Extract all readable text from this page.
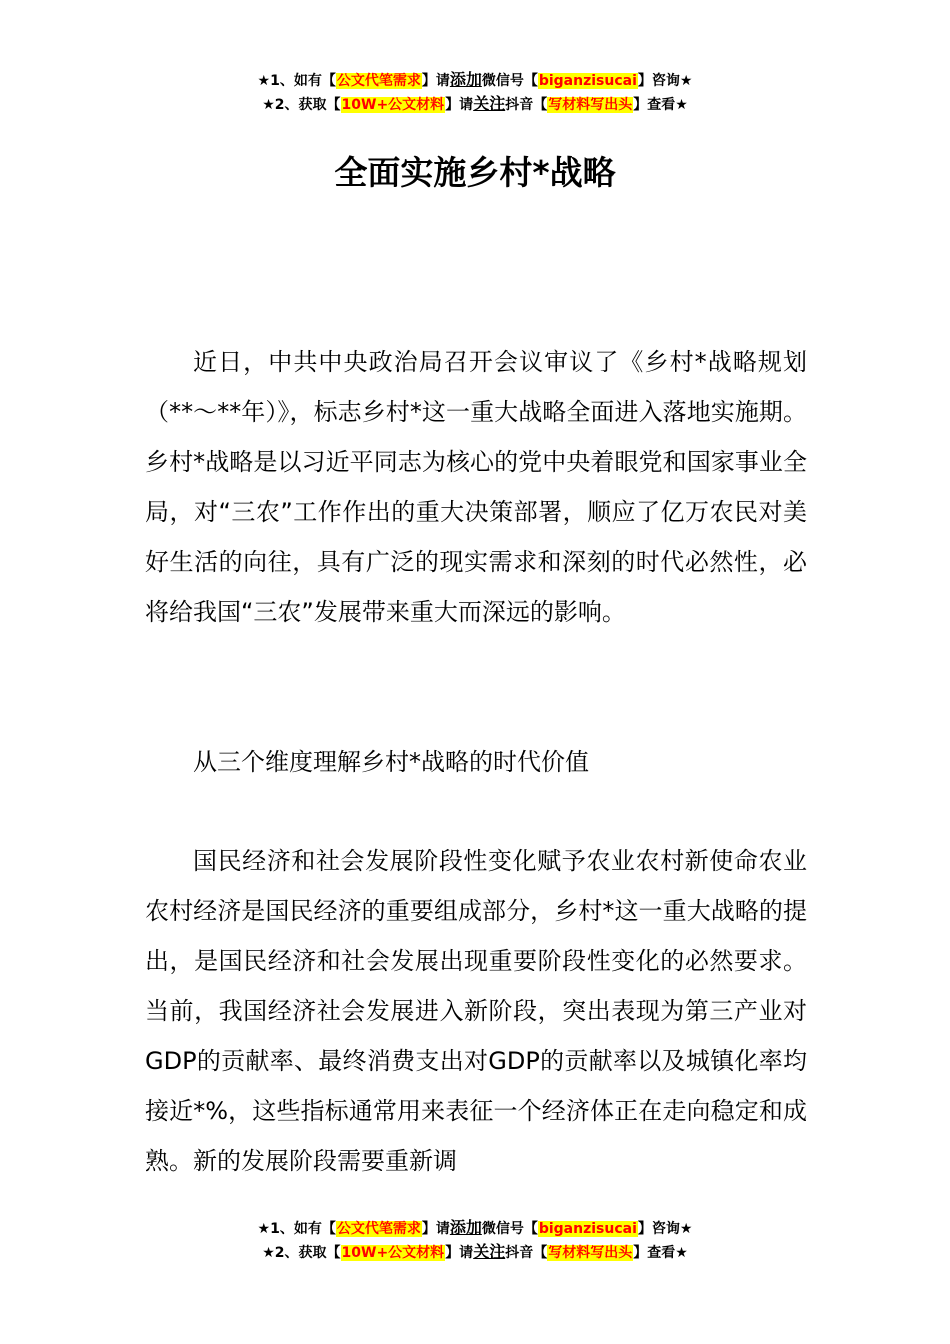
★1、如有【公文代笔需求】请添加微信号【biganzisucai】咨询★
★2、获取【10W+公文材料】请关注抖音【写材料写出头】查看★
全面实施乡村*战略

近日，中共中央政治局召开会议审议了《乡村*战略规划（**～**年）》，标志乡村*这一重大战略全面进入落地实施期。乡村*战略是以习近平同志为核心的党中央着眼党和国家事业全局，对“三农”工作作出的重大决策部署，顺应了亿万农民对美好生活的向往，具有广泛的现实需求和深刻的时代必然性，必将给我国“三农”发展带来重大而深远的影响。

从三个维度理解乡村*战略的时代价值

国民经济和社会发展阶段性变化赋予农业农村新使命农业农村经济是国民经济的重要组成部分，乡村*这一重大战略的提出，是国民经济和社会发展出现重要阶段性变化的必然要求。当前，我国经济社会发展进入新阶段，突出表现为第三产业对GDP的贡献率、最终消费支出对GDP的贡献率以及城镇化率均接近*%，这些指标通常用来表征一个经济体正在走向稳定和成熟。新的发展阶段需要重新调

★1、如有【公文代笔需求】请添加微信号【biganzisucai】咨询★
★2、获取【10W+公文材料】请关注抖音【写材料写出头】查看★
